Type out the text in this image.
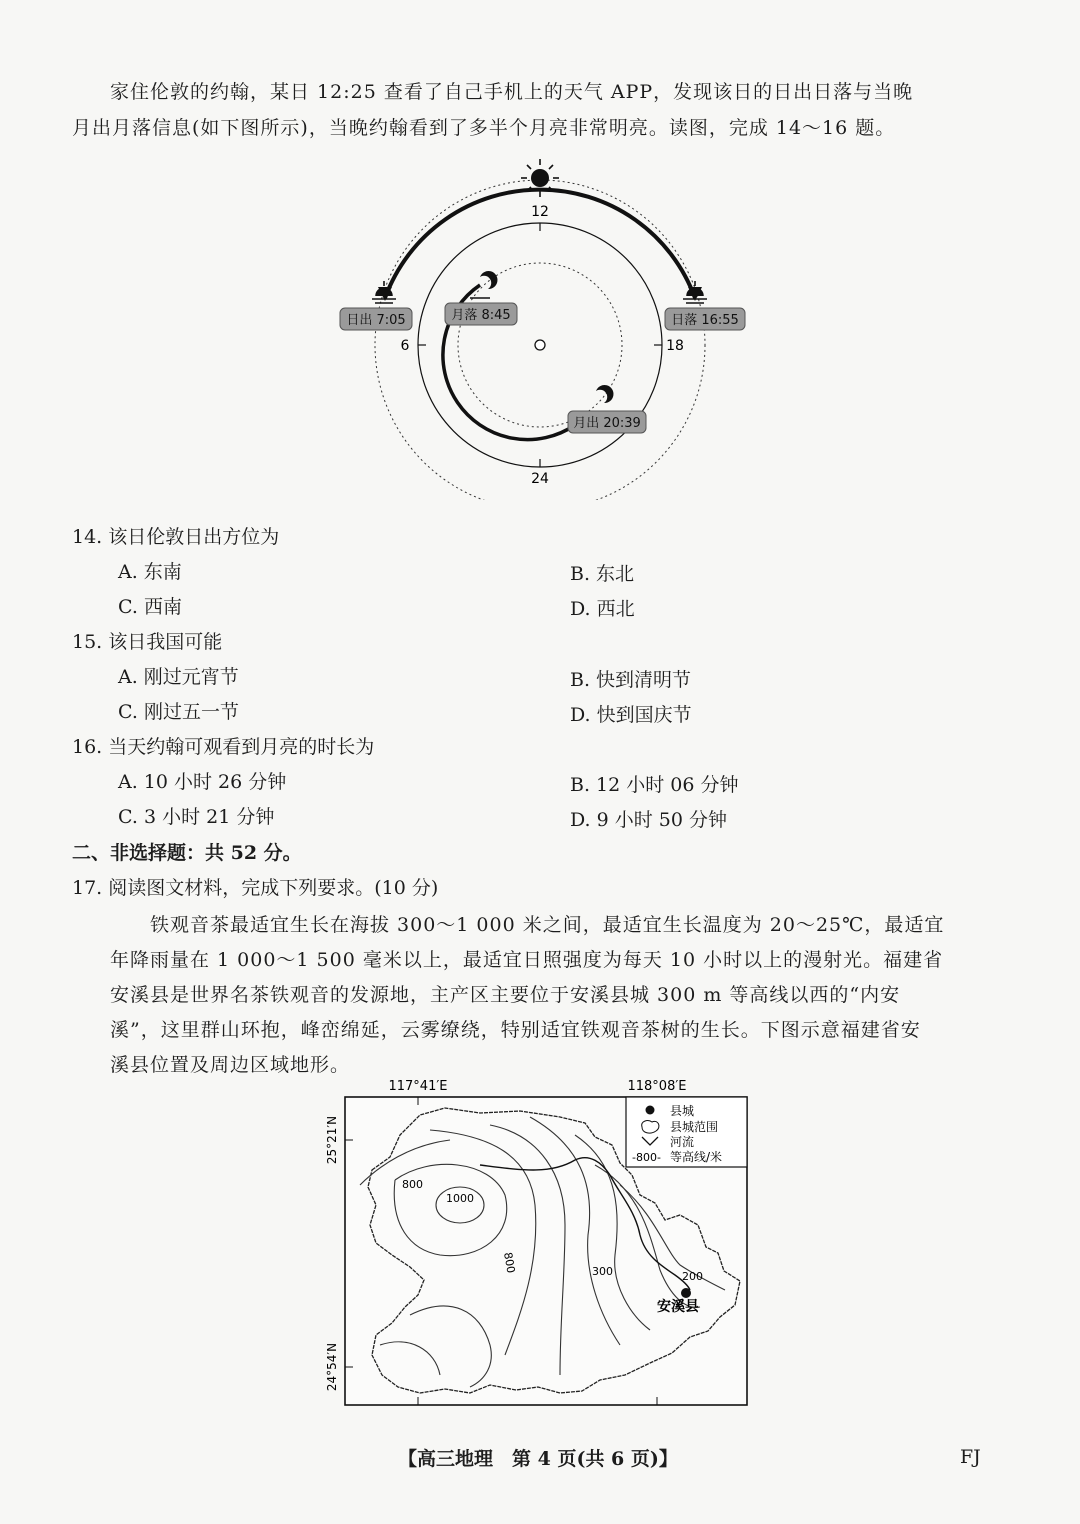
家住伦敦的约翰，某日 12:25 查看了自己手机上的天气 APP，发现该日的日出日落与当晚
月出月落信息(如下图所示)，当晚约翰看到了多半个月亮非常明亮。读图，完成 14～16 题。
12
6	18
24
日出 7:05	月落 8:45	日落 16:55
月出 20:39
14. 该日伦敦日出方位为
A. 东南	B. 东北
C. 西南	D. 西北
15. 该日我国可能
A. 刚过元宵节	B. 快到清明节
C. 刚过五一节	D. 快到国庆节
16. 当天约翰可观看到月亮的时长为
A. 10 小时 26 分钟	B. 12 小时 06 分钟
C. 3 小时 21 分钟	D. 9 小时 50 分钟
二、非选择题：共 52 分。
17. 阅读图文材料，完成下列要求。(10 分)
铁观音茶最适宜生长在海拔 300～1 000 米之间，最适宜生长温度为 20～25℃，最适宜
年降雨量在 1 000～1 500 毫米以上，最适宜日照强度为每天 10 小时以上的漫射光。福建省
安溪县是世界名茶铁观音的发源地，主产区主要位于安溪县城 300 m 等高线以西的“内安
溪”，这里群山环抱，峰峦绵延，云雾缭绕，特别适宜铁观音茶树的生长。下图示意福建省安
溪县位置及周边区域地形。
117°41′E	118°08′E
25°21′N
24°54′N
800
1000
800	300	200
安溪县
县城
县城范围
河流
-800- 等高线/米
【高三地理　第 4 页(共 6 页)】	FJ
